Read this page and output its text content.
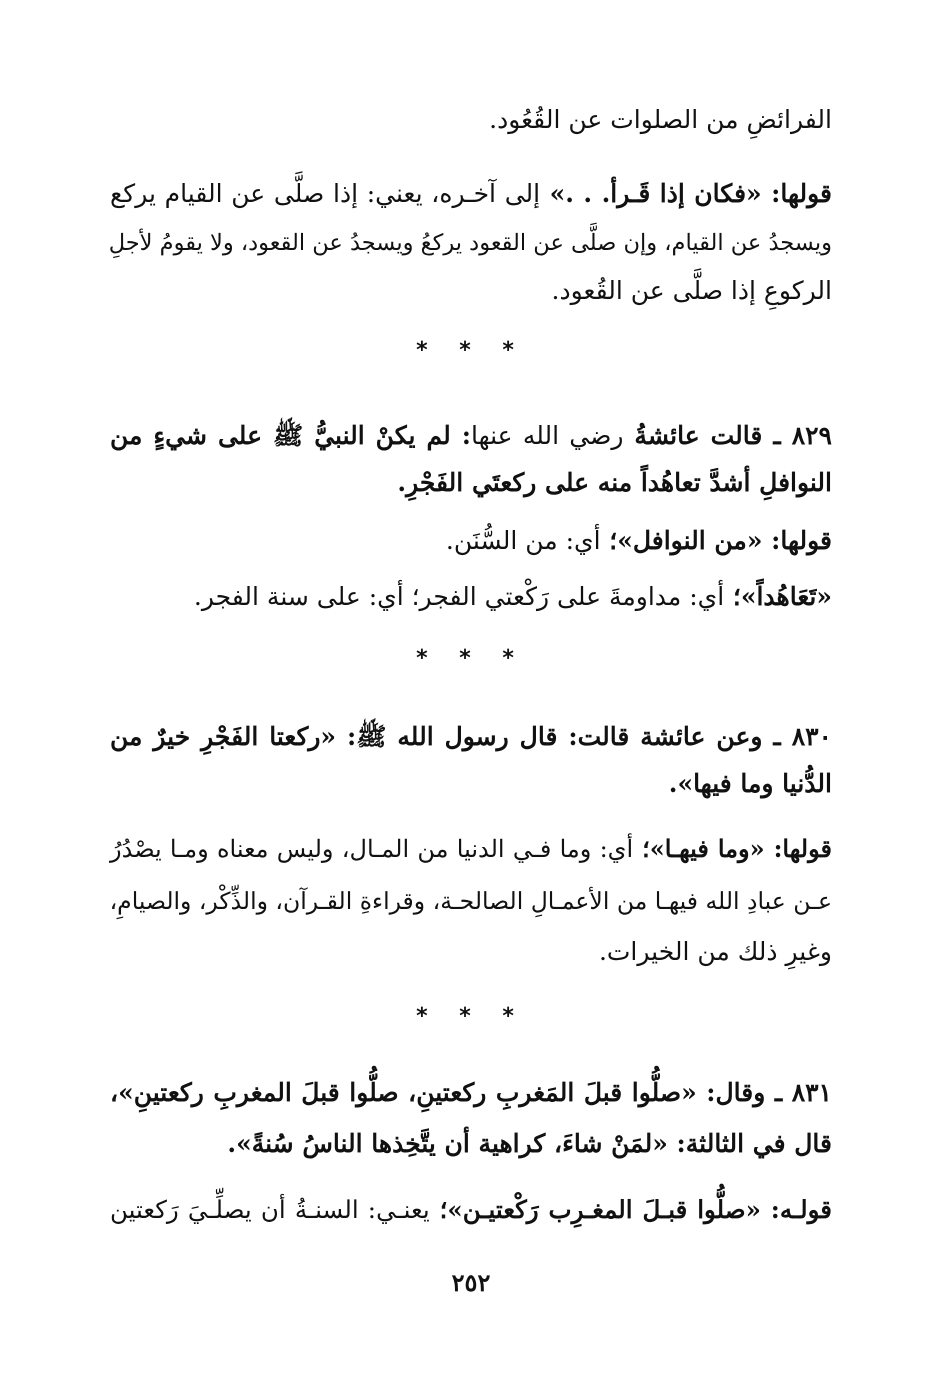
الفرائضِ من الصلوات عن القُعُود.
قولها: «فكان إذا قَـرأ. . .» إلى آخـره، يعني: إذا صلَّى عن القيام يركع
ويسجدُ عن القيام، وإن صلَّى عن القعود يركعُ ويسجدُ عن القعود، ولا يقومُ لأجلِ
الركوعِ إذا صلَّى عن القُعود.
* * *
٨٢٩ ـ قالت عائشةُ رضي الله عنها: لم يكنْ النبيُّ ﷺ على شيءٍ من
النوافلِ أشدَّ تعاهُداً منه على ركعتَي الفَجْرِ.
قولها: «من النوافل»؛ أي: من السُّنَن.
«تَعَاهُداً»؛ أي: مداومةَ على رَكْعتي الفجر؛ أي: على سنة الفجر.
* * *
٨٣٠ ـ وعن عائشة قالت: قال رسول الله ﷺ: «ركعتا الفَجْرِ خيرٌ من
الدُّنيا وما فيها».
قولها: «وما فيهـا»؛ أي: وما فـي الدنيا من المـال، وليس معناه ومـا يصْدُرُ
عـن عبادِ الله فيهـا من الأعمـالِ الصالحـة، وقراءةِ القـرآن، والذِّكْر، والصيامِ،
وغيرِ ذلك من الخيرات.
* * *
٨٣١ ـ وقال: «صلُّوا قبلَ المَغربِ ركعتينِ، صلُّوا قبلَ المغربِ ركعتينِ»،
قال في الثالثة: «لمَنْ شاءَ، كراهية أن يتَّخِذها الناسُ سُنةً».
قولـه: «صلُّوا قبـلَ المغـرِب رَكْعتيـن»؛ يعنـي: السنـةُ أن يصلِّـيَ رَكعتين
٢٥٢
